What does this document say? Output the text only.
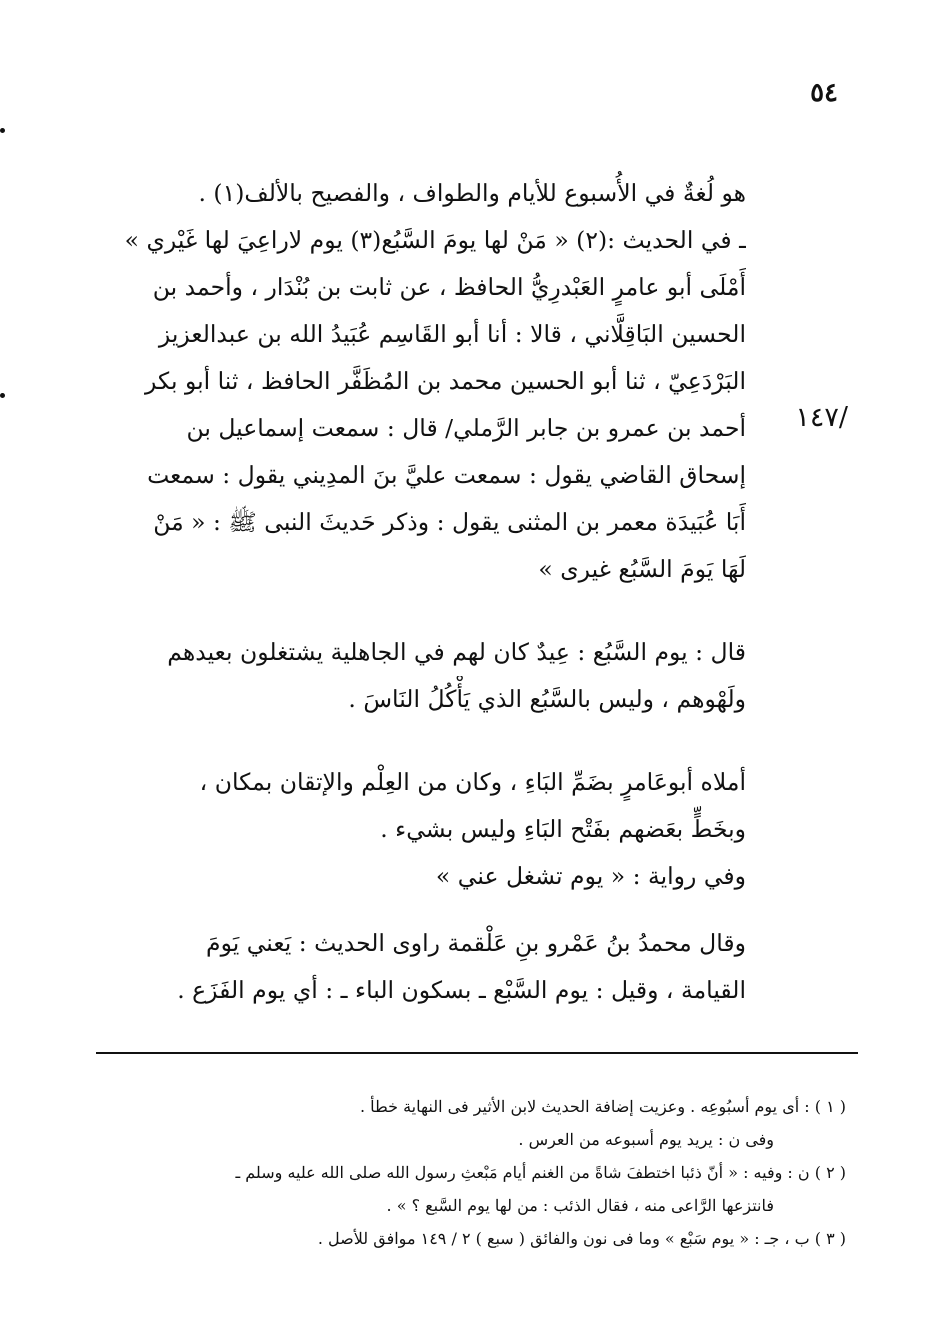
٥٤
/١٤٧
هو لُغةٌ في الأُسبوع للأيام والطواف ، والفصيح بالألف(١) .
ـ في الحديث :(٢) « مَنْ لها يومَ السَّبُع(٣) يوم لاراعِيَ لها غَيْري »
أَمْلَى أبو عامرٍ العَبْدرِيُّ الحافظ ، عن ثابت بن بُنْدَار ، وأحمد بن
الحسين البَاقِلَّاني ، قالا : أنا أبو القَاسِم عُبَيدُ الله بن عبدالعزيز
البَرْدَعِيّ ، ثنا أبو الحسين محمد بن المُظَفَّر الحافظ ، ثنا أبو بكر
أحمد بن عمرو بن جابر الرَّملي/ قال : سمعت إسماعيل بن
إسحاق القاضي يقول : سمعت عليَّ بنَ المدِيني يقول : سمعت
أَبَا عُبَيدَة معمر بن المثنى يقول : وذكر حَديثَ النبى ﷺ : « مَنْ
لَهَا يَومَ السَّبُع غيرى »
قال : يوم السَّبُع : عِيدٌ كان لهم في الجاهلية يشتغلون بعيدهم
ولَهْوهم ، وليس بالسَّبُع الذي يَأْكُلُ النَاسَ .
أملاه أبوعَامرٍ بضَمِّ البَاءِ ، وكان من العِلْم والإتقان بمكان ،
وبخَطٍّ بعَضهم بفَتْح البَاءِ وليس بشيء .
وفي رواية : « يوم تشغل عني »
وقال محمدُ بنُ عَمْرو بنِ عَلْقمة راوى الحديث : يَعني يَومَ
القيامة ، وقيل : يوم السَّبْع ـ بسكون الباء ـ : أي يوم الفَزَع .
( ١ ) : أى يوم أسبُوعِه . وعزيت إضافة الحديث لابن الأثير فى النهاية خطأ .
وفى ن : يريد يوم أسبوعه من العرس .
( ٢ ) ن : وفيه : « أنّ ذئبا اختطفَ شاةً من الغنم أيام مَبْعثِ رسول الله صلى الله عليه وسلم ـ
فانتزعها الرَّاعى منه ، فقال الذئب : من لها يوم السَّبع ؟ » .
( ٣ ) ب ، جـ : « يوم سَبْع » وما فى نون والفائق ( سبع ) ٢ / ١٤٩ موافق للأصل .
